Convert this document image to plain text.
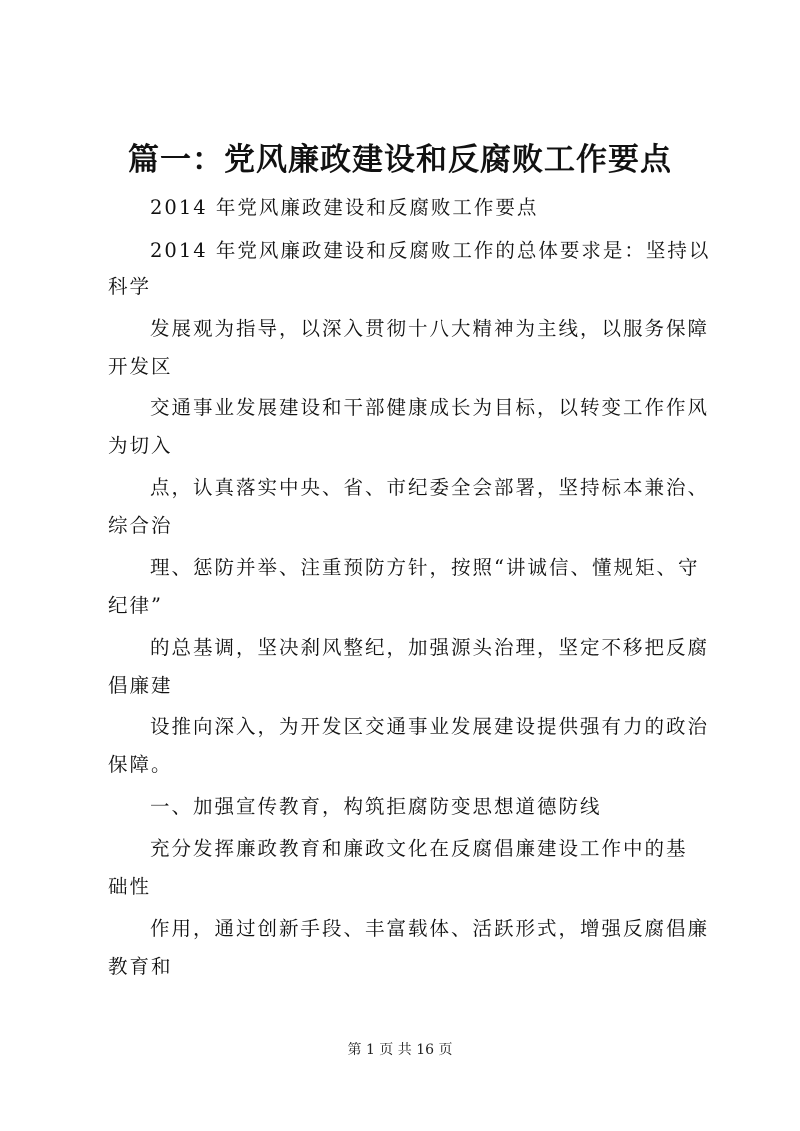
篇一：党风廉政建设和反腐败工作要点

2014 年党风廉政建设和反腐败工作要点

2014 年党风廉政建设和反腐败工作的总体要求是：坚持以

科学

发展观为指导，以深入贯彻十八大精神为主线，以服务保障

开发区

交通事业发展建设和干部健康成长为目标，以转变工作作风

为切入

点，认真落实中央、省、市纪委全会部署，坚持标本兼治、

综合治

理、惩防并举、注重预防方针，按照“讲诚信、懂规矩、守

纪律”

的总基调，坚决刹风整纪，加强源头治理，坚定不移把反腐

倡廉建

设推向深入，为开发区交通事业发展建设提供强有力的政治

保障。

一、加强宣传教育，构筑拒腐防变思想道德防线

充分发挥廉政教育和廉政文化在反腐倡廉建设工作中的基

础性

作用，通过创新手段、丰富载体、活跃形式，增强反腐倡廉

教育和

第 1 页 共 16 页
